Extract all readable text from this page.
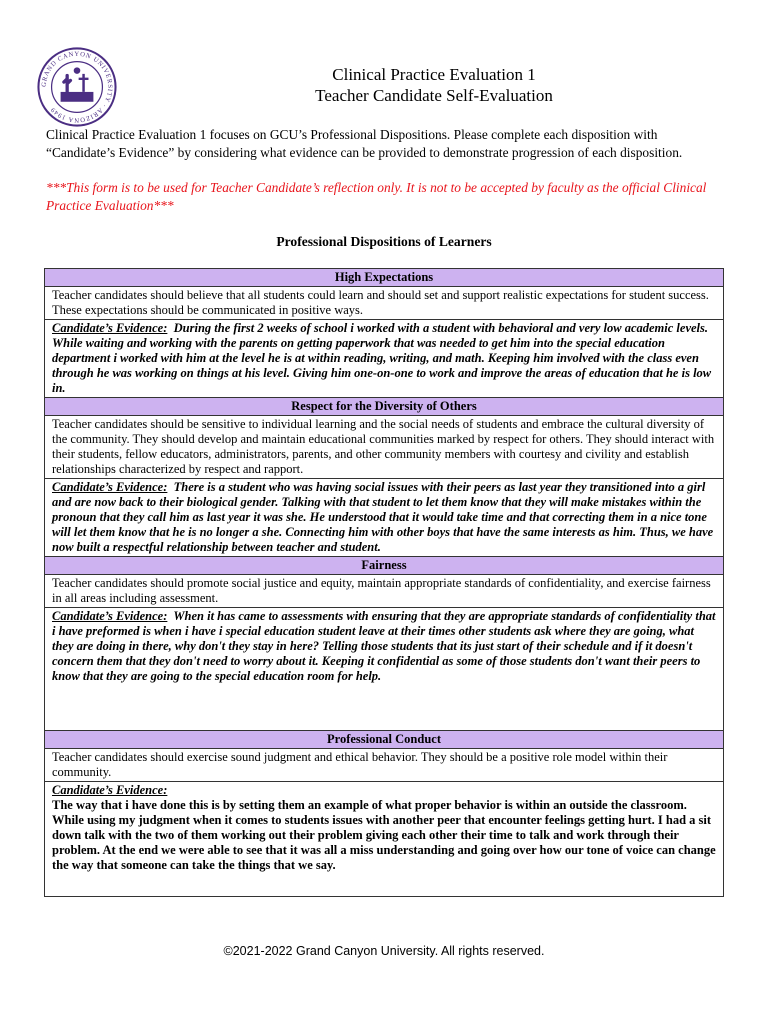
GRAND CANYON UNIVERSITY · ARIZONA 1949
Clinical Practice Evaluation 1
Teacher Candidate Self-Evaluation
Clinical Practice Evaluation 1 focuses on GCU’s Professional Dispositions. Please complete each disposition with “Candidate’s Evidence” by considering what evidence can be provided to demonstrate progression of each disposition.
***This form is to be used for Teacher Candidate’s reflection only. It is not to be accepted by faculty as the official Clinical Practice Evaluation***
Professional Dispositions of Learners
High Expectations
Teacher candidates should believe that all students could learn and should set and support realistic expectations for student success. These expectations should be communicated in positive ways.
Candidate’s Evidence: During the first 2 weeks of school i worked with a student with behavioral and very low academic levels. While waiting and working with the parents on getting paperwork that was needed to get him into the special education department i worked with him at the level he is at within reading, writing, and math. Keeping him involved with the class even through he was working on things at his level. Giving him one-on-one to work and improve the areas of education that he is low in.
Respect for the Diversity of Others
Teacher candidates should be sensitive to individual learning and the social needs of students and embrace the cultural diversity of the community. They should develop and maintain educational communities marked by respect for others. They should interact with their students, fellow educators, administrators, parents, and other community members with courtesy and civility and establish relationships characterized by respect and rapport.
Candidate’s Evidence: There is a student who was having social issues with their peers as last year they transitioned into a girl and are now back to their biological gender. Talking with that student to let them know that they will make mistakes within the pronoun that they call him as last year it was she. He understood that it would take time and that correcting them in a nice tone will let them know that he is no longer a she. Connecting him with other boys that have the same interests as him. Thus, we have now built a respectful relationship between teacher and student.
Fairness
Teacher candidates should promote social justice and equity, maintain appropriate standards of confidentiality, and exercise fairness in all areas including assessment.
Candidate’s Evidence: When it has came to assessments with ensuring that they are appropriate standards of confidentiality that i have preformed is when i have i special education student leave at their times other students ask where they are going, what they are doing in there, why don't they stay in here? Telling those students that its just start of their schedule and if it doesn't concern them that they don't need to worry about it. Keeping it confidential as some of those students don't want their peers to know that they are going to the special education room for help.
Professional Conduct
Teacher candidates should exercise sound judgment and ethical behavior. They should be a positive role model within their community.
Candidate’s Evidence:
The way that i have done this is by setting them an example of what proper behavior is within an outside the classroom. While using my judgment when it comes to students issues with another peer that encounter feelings getting hurt. I had a sit down talk with the two of them working out their problem giving each other their time to talk and work through their problem. At the end we were able to see that it was all a miss understanding and going over how our tone of voice can change the way that someone can take the things that we say.
©2021-2022 Grand Canyon University. All rights reserved.
